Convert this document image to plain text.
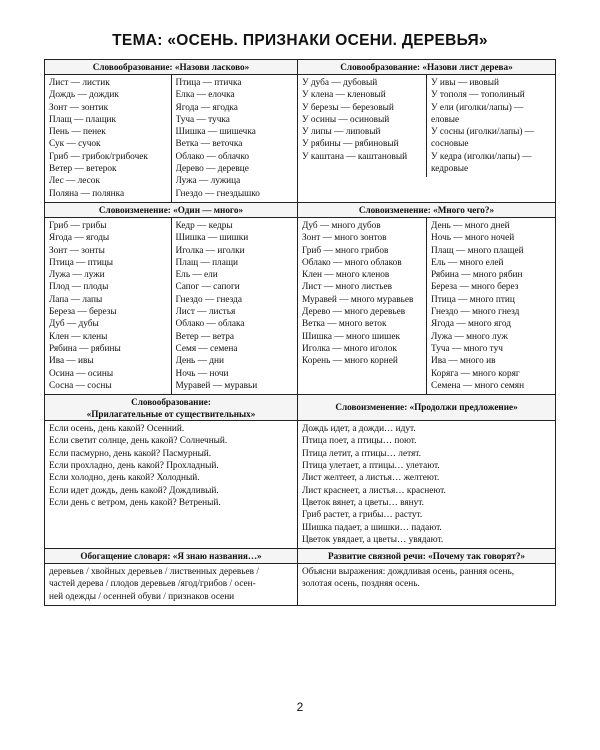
ТЕМА: «ОСЕНЬ. ПРИЗНАКИ ОСЕНИ. ДЕРЕВЬЯ»
Словообразование: «Назови ласково»
Лист — листик
Дождь — дождик
Зонт — зонтик
Плащ — плащик
Пень — пенек
Сук — сучок
Гриб — грибок/грибочек
Ветер — ветерок
Лес — лесок
Поляна — полянка
Птица — птичка
Елка — елочка
Ягода — ягодка
Туча — тучка
Шишка — шишечка
Ветка — веточка
Облако — облачко
Дерево — деревце
Лужа — лужица
Гнездо — гнездышко
Словообразование: «Назови лист дерева»
У дуба — дубовый
У клена — кленовый
У березы — березовый
У осины — осиновый
У липы — липовый
У рябины — рябиновый
У каштана — каштановый
У ивы — ивовый
У тополя — тополиный
У ели (иголки/лапы) —
еловые
У сосны (иголки/лапы) —
сосновые
У кедра (иголки/лапы) —
кедровые
Словоизменение: «Один — много»
Гриб — грибы
Ягода — ягоды
Зонт — зонты
Птица — птицы
Лужа — лужи
Плод — плоды
Лапа — лапы
Береза — березы
Дуб — дубы
Клен — клены
Рябина — рябины
Ива — ивы
Осина — осины
Сосна — сосны
Кедр — кедры
Шишка — шишки
Иголка — иголки
Плащ — плащи
Ель — ели
Сапог — сапоги
Гнездо — гнезда
Лист — листья
Облако — облака
Ветер — ветра
Семя — семена
День — дни
Ночь — ночи
Муравей — муравьи
Словоизменение: «Много чего?»
Дуб — много дубов
Зонт — много зонтов
Гриб — много грибов
Облако — много облаков
Клен — много кленов
Лист — много листьев
Муравей — много муравьев
Дерево — много деревьев
Ветка — много веток
Шишка — много шишек
Иголка — много иголок
Корень — много корней
День — много дней
Ночь — много ночей
Плащ — много плащей
Ель — много елей
Рябина — много рябин
Береза — много берез
Птица — много птиц
Гнездо — много гнезд
Ягода — много ягод
Лужа — много луж
Туча — много туч
Ива — много ив
Коряга — много коряг
Семена — много семян
Словообразование:
«Прилагательные от существительных»
Если осень, день какой? Осенний.
Если светит солнце, день какой? Солнечный.
Если пасмурно, день какой? Пасмурный.
Если прохладно, день какой? Прохладный.
Если холодно, день какой? Холодный.
Если идет дождь, день какой? Дождливый.
Если день с ветром, день какой? Ветреный.
Словоизменение: «Продолжи предложение»
Дождь идет, а дожди… идут.
Птица поет, а птицы… поют.
Птица летит, а птицы… летят.
Птица улетает, а птицы… улетают.
Лист желтеет, а листья… желтеют.
Лист краснеет, а листья… краснеют.
Цветок вянет, а цветы… вянут.
Гриб растет, а грибы… растут.
Шишка падает, а шишки… падают.
Цветок увядает, а цветы… увядают.
Обогащение словаря: «Я знаю названия…»
деревьев / хвойных деревьев / лиственных деревьев /
частей дерева / плодов деревьев /ягод/грибов / осен-
ней одежды / осенней обуви / признаков осени
Развитие связной речи: «Почему так говорят?»
Объясни выражения: дождливая осень, ранняя осень,
золотая осень, поздняя осень.
2
